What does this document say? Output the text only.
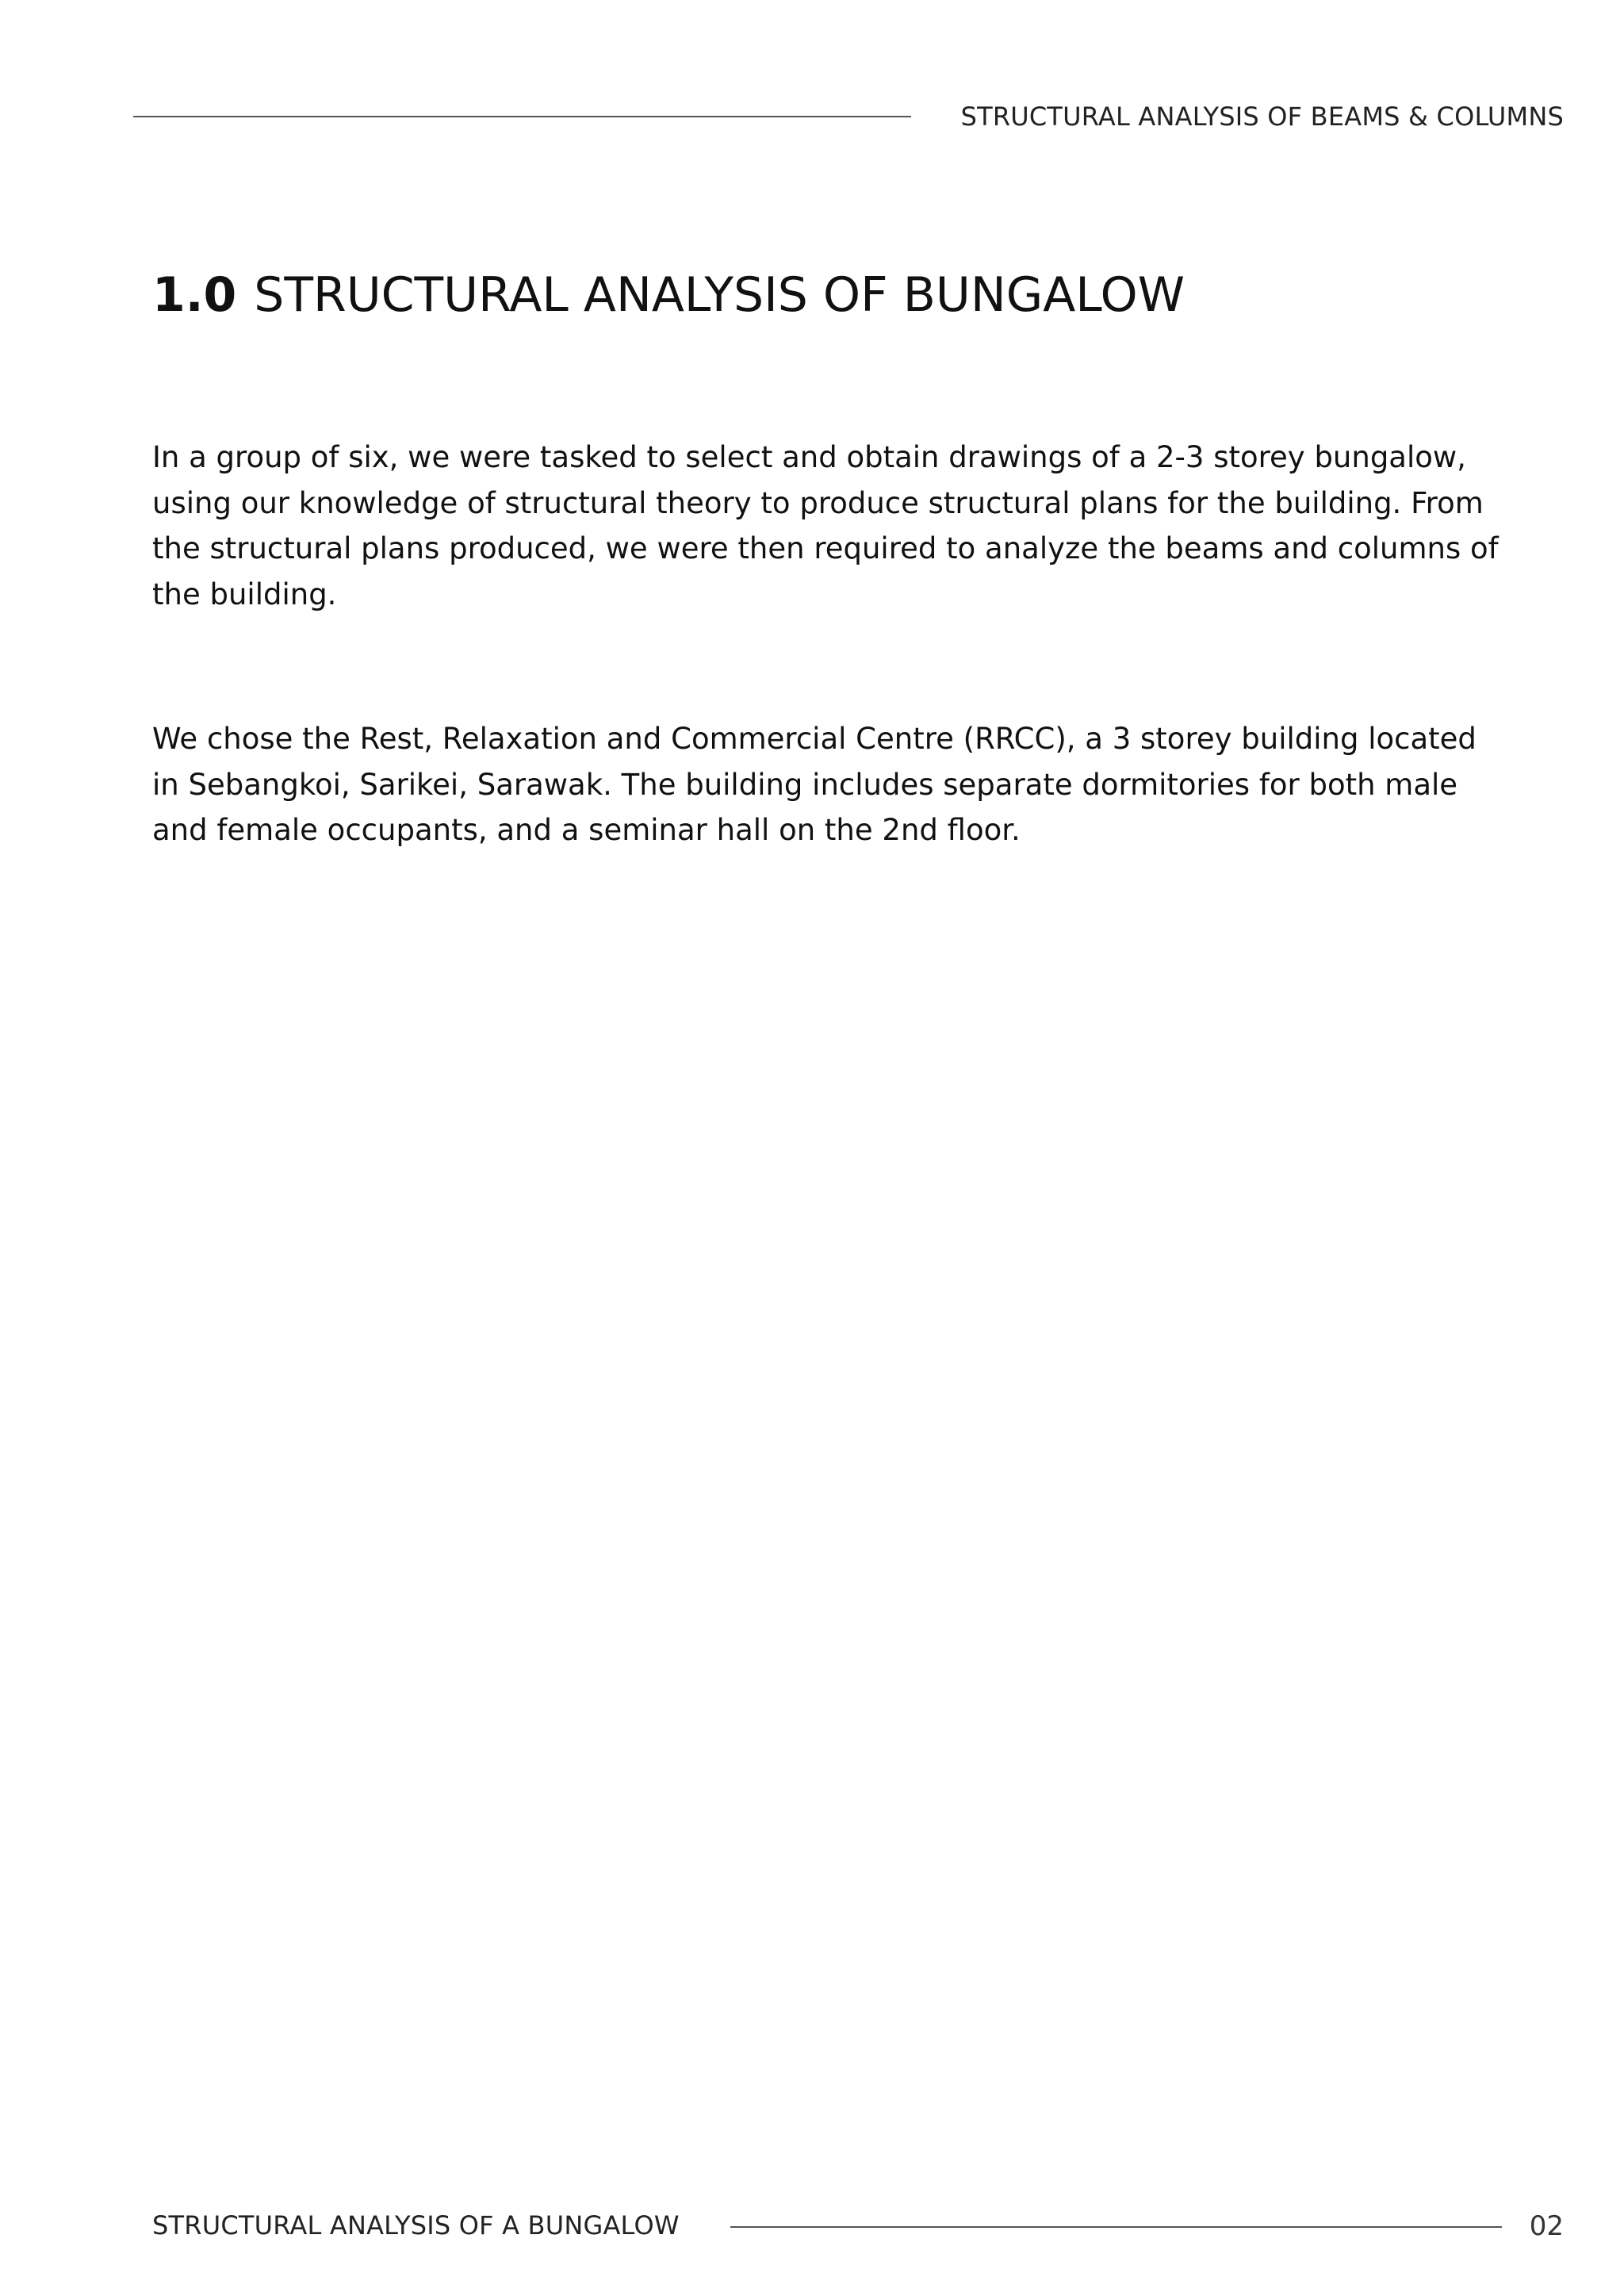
STRUCTURAL ANALYSIS OF BEAMS & COLUMNS
1.0 STRUCTURAL ANALYSIS OF BUNGALOW
In a group of six, we were tasked to select and obtain drawings of a 2-3 storey bungalow,
using our knowledge of structural theory to produce structural plans for the building. From
the structural plans produced, we were then required to analyze the beams and columns of
the building.
We chose the Rest, Relaxation and Commercial Centre (RRCC), a 3 storey building located
in Sebangkoi, Sarikei, Sarawak. The building includes separate dormitories for both male
and female occupants, and a seminar hall on the 2nd floor.
STRUCTURAL ANALYSIS OF A BUNGALOW	02
